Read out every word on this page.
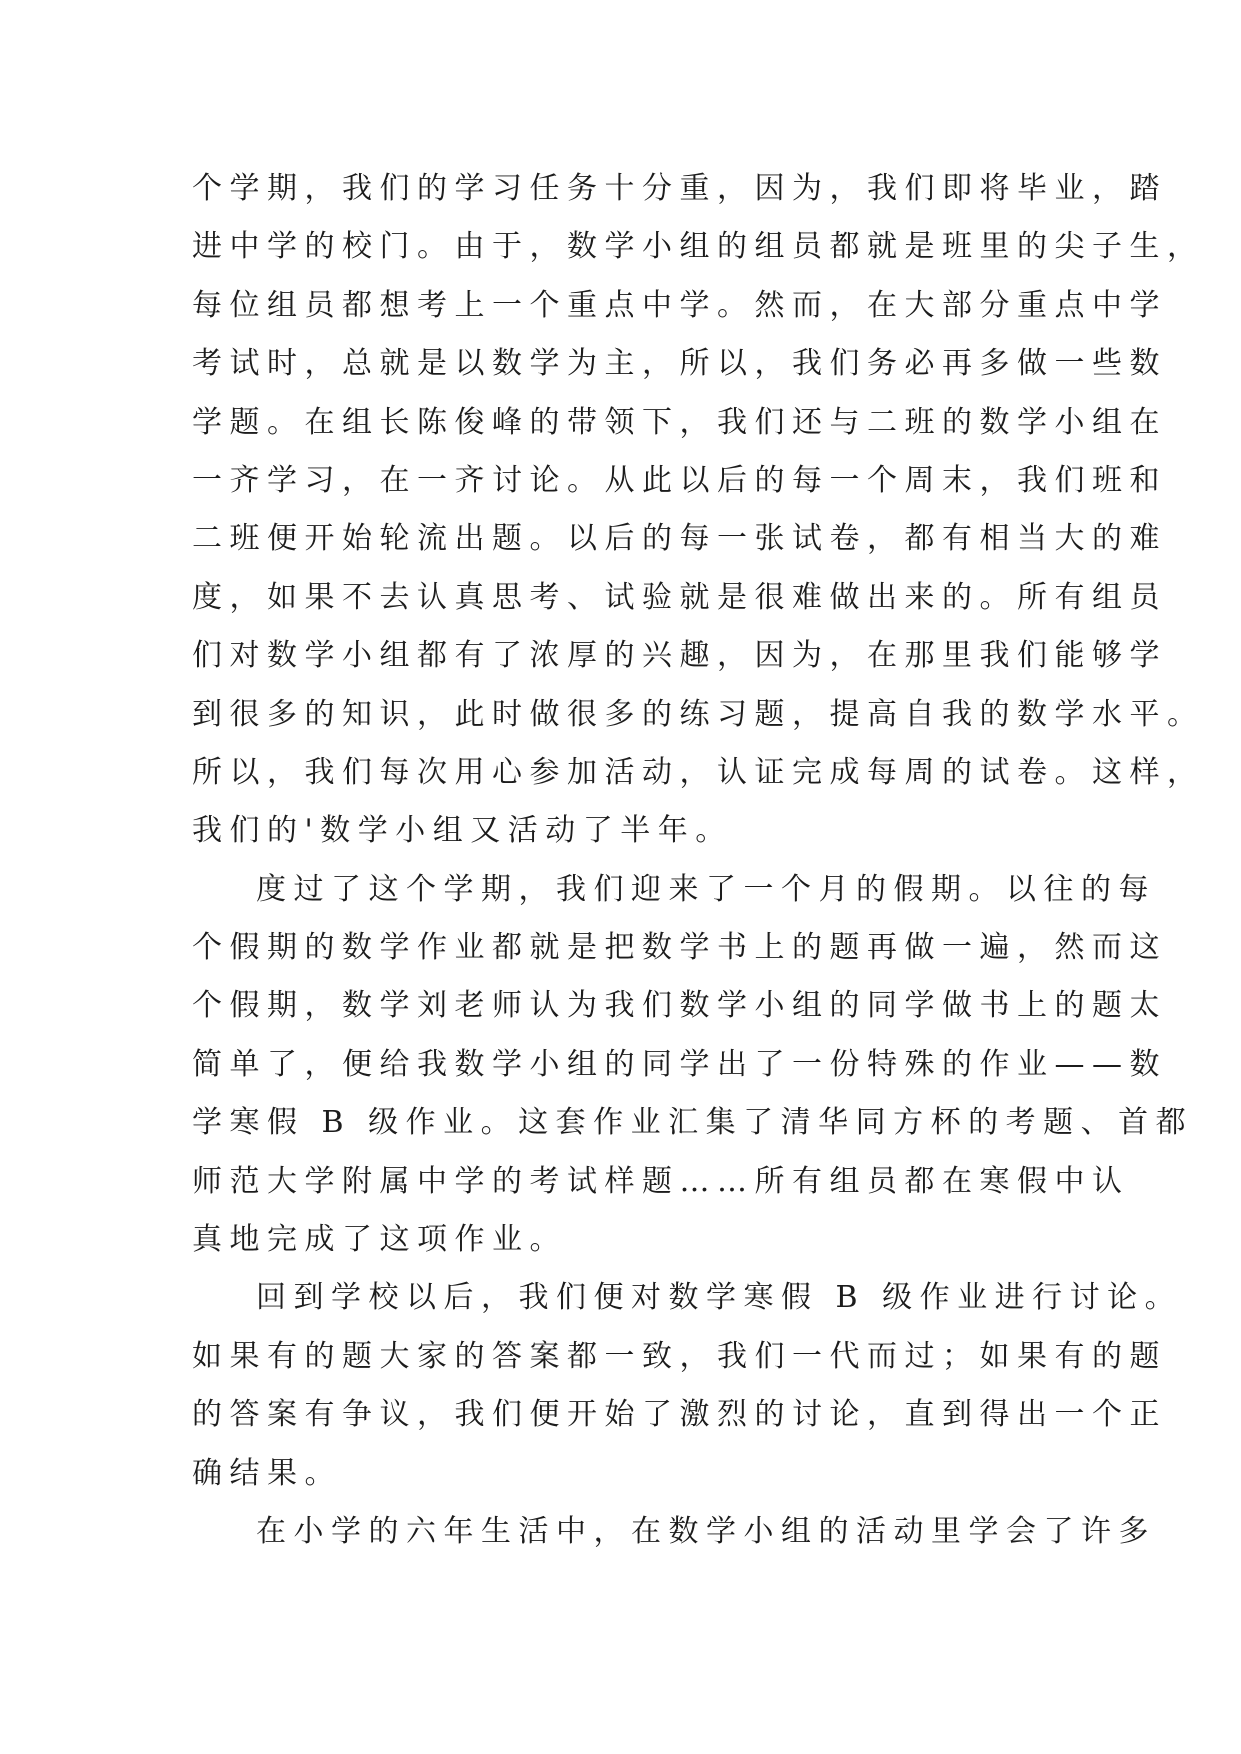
个学期，我们的学习任务十分重，因为，我们即将毕业，踏
进中学的校门。由于，数学小组的组员都就是班里的尖子生，
每位组员都想考上一个重点中学。然而，在大部分重点中学
考试时，总就是以数学为主，所以，我们务必再多做一些数
学题。在组长陈俊峰的带领下，我们还与二班的数学小组在
一齐学习，在一齐讨论。从此以后的每一个周末，我们班和
二班便开始轮流出题。以后的每一张试卷，都有相当大的难
度，如果不去认真思考、试验就是很难做出来的。所有组员
们对数学小组都有了浓厚的兴趣，因为，在那里我们能够学
到很多的知识，此时做很多的练习题，提高自我的数学水平。
所以，我们每次用心参加活动，认证完成每周的试卷。这样，
我们的'数学小组又活动了半年。
度过了这个学期，我们迎来了一个月的假期。以往的每
个假期的数学作业都就是把数学书上的题再做一遍，然而这
个假期，数学刘老师认为我们数学小组的同学做书上的题太
简单了，便给我数学小组的同学出了一份特殊的作业——数
学寒假 B 级作业。这套作业汇集了清华同方杯的考题、首都
师范大学附属中学的考试样题……所有组员都在寒假中认
真地完成了这项作业。
回到学校以后，我们便对数学寒假 B 级作业进行讨论。
如果有的题大家的答案都一致，我们一代而过；如果有的题
的答案有争议，我们便开始了激烈的讨论，直到得出一个正
确结果。
在小学的六年生活中，在数学小组的活动里学会了许多
